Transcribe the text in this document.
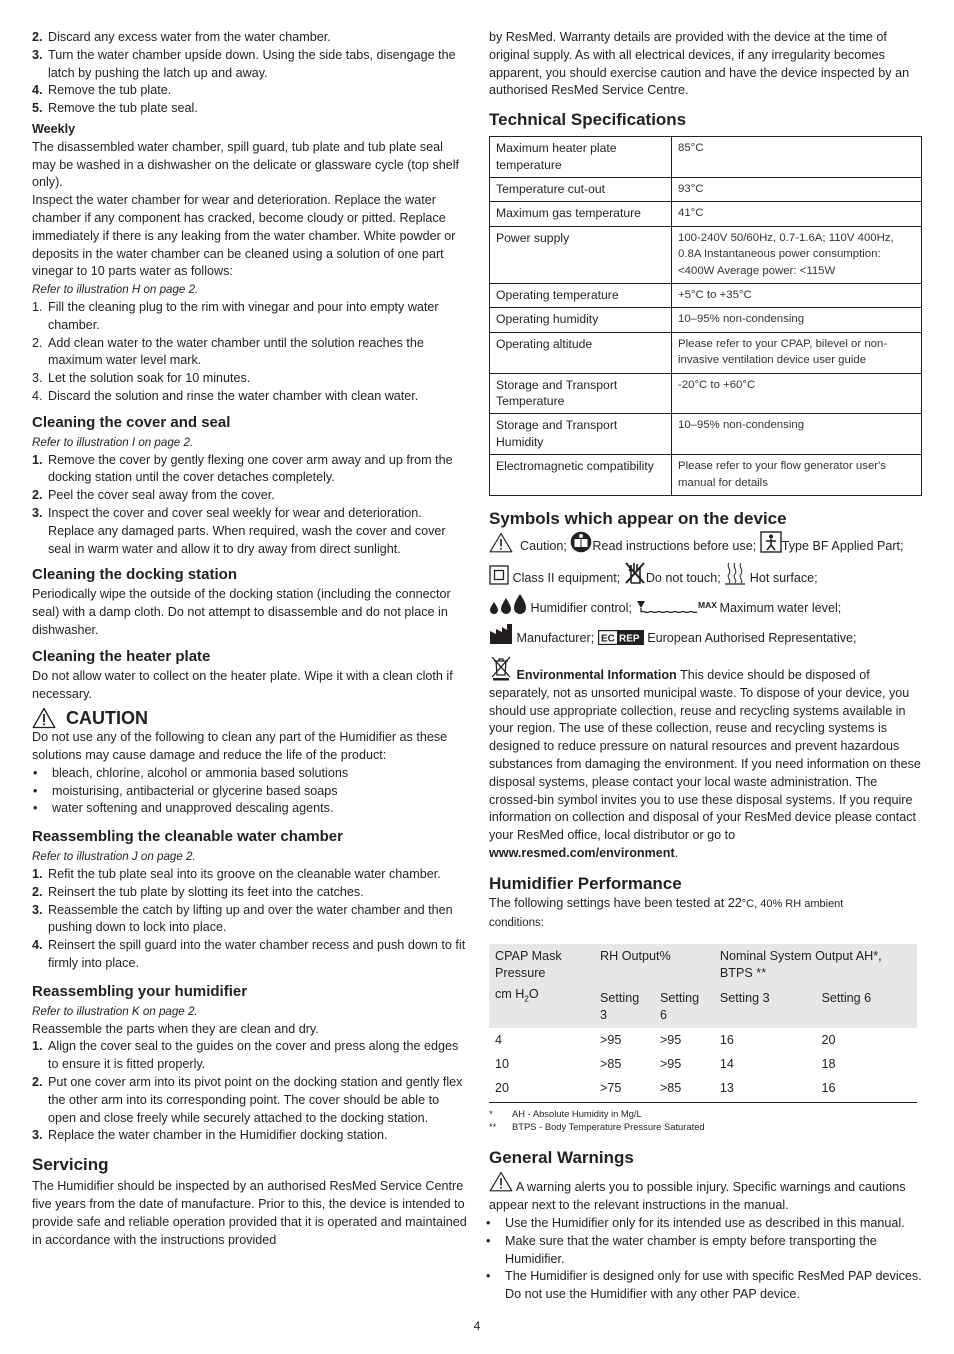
2. Discard any excess water from the water chamber.
3. Turn the water chamber upside down. Using the side tabs, disengage the latch by pushing the latch up and away.
4. Remove the tub plate.
5. Remove the tub plate seal.

Weekly

The disassembled water chamber, spill guard, tub plate and tub plate seal may be washed in a dishwasher on the delicate or glassware cycle (top shelf only).

Inspect the water chamber for wear and deterioration. Replace the water chamber if any component has cracked, become cloudy or pitted. Replace immediately if there is any leaking from the water chamber. White powder or deposits in the water chamber can be cleaned using a solution of one part vinegar to 10 parts water as follows:

Refer to illustration H on page 2.

1. Fill the cleaning plug to the rim with vinegar and pour into empty water chamber.
2. Add clean water to the water chamber until the solution reaches the maximum water level mark.
3. Let the solution soak for 10 minutes.
4. Discard the solution and rinse the water chamber with clean water.

Cleaning the cover and seal

Refer to illustration I on page 2.

1. Remove the cover by gently flexing one cover arm away and up from the docking station until the cover detaches completely.
2. Peel the cover seal away from the cover.
3. Inspect the cover and cover seal weekly for wear and deterioration. Replace any damaged parts. When required, wash the cover and cover seal in warm water and allow it to dry away from direct sunlight.

Cleaning the docking station

Periodically wipe the outside of the docking station (including the connector seal) with a damp cloth. Do not attempt to disassemble and do not place in dishwasher.

Cleaning the heater plate

Do not allow water to collect on the heater plate. Wipe it with a clean cloth if necessary.

CAUTION

Do not use any of the following to clean any part of the Humidifier as these solutions may cause damage and reduce the life of the product:

• bleach, chlorine, alcohol or ammonia based solutions
• moisturising, antibacterial or glycerine based soaps
• water softening and unapproved descaling agents.

Reassembling the cleanable water chamber

Refer to illustration J on page 2.

1. Refit the tub plate seal into its groove on the cleanable water chamber.
2. Reinsert the tub plate by slotting its feet into the catches.
3. Reassemble the catch by lifting up and over the water chamber and then pushing down to lock into place.
4. Reinsert the spill guard into the water chamber recess and push down to fit firmly into place.

Reassembling your humidifier

Refer to illustration K on page 2.

Reassemble the parts when they are clean and dry.

1. Align the cover seal to the guides on the cover and press along the edges to ensure it is fitted properly.
2. Put one cover arm into its pivot point on the docking station and gently flex the other arm into its corresponding point. The cover should be able to open and close freely while securely attached to the docking station.
3. Replace the water chamber in the Humidifier docking station.

Servicing

The Humidifier should be inspected by an authorised ResMed Service Centre five years from the date of manufacture. Prior to this, the device is intended to provide safe and reliable operation provided that it is operated and maintained in accordance with the instructions provided

by ResMed. Warranty details are provided with the device at the time of original supply. As with all electrical devices, if any irregularity becomes apparent, you should exercise caution and have the device inspected by an authorised ResMed Service Centre.

Technical Specifications

Maximum heater plate temperature	85°C
Temperature cut-out	93°C
Maximum gas temperature	41°C
Power supply	100-240V 50/60Hz, 0.7-1.6A; 110V 400Hz, 0.8A Instantaneous power consumption: <400W Average power: <115W
Operating temperature	+5°C to +35°C
Operating humidity	10–95% non-condensing
Operating altitude	Please refer to your CPAP, bilevel or non-invasive ventilation device user guide
Storage and Transport Temperature	-20°C to +60°C
Storage and Transport Humidity	10–95% non-condensing
Electromagnetic compatibility	Please refer to your flow generator user's manual for details

Symbols which appear on the device

Caution; Read instructions before use; Type BF Applied Part;

Class II equipment; Do not touch; Hot surface;

Humidifier control;	MAX Maximum water level;

Manufacturer; EC REP European Authorised Representative;

Environmental Information This device should be disposed of separately, not as unsorted municipal waste. To dispose of your device, you should use appropriate collection, reuse and recycling systems available in your region. The use of these collection, reuse and recycling systems is designed to reduce pressure on natural resources and prevent hazardous substances from damaging the environment. If you need information on these disposal systems, please contact your local waste administration. The crossed-bin symbol invites you to use these disposal systems. If you require information on collection and disposal of your ResMed device please contact your ResMed office, local distributor or go to www.resmed.com/environment.

Humidifier Performance

The following settings have been tested at 22°C, 40% RH ambient
conditions:

CPAP Mask Pressure
cm $H_2O$	RH Output%		Nominal System Output AH*, BTPS **	
	Setting 3	Setting 6	Setting 3	Setting 6
4	>95	>95	16	20
10	>85	>95	14	18
20	>75	>85	13	16
* AH - Absolute Humidity in Mg/L
** BTPS - Body Temperature Pressure Saturated

General Warnings

A warning alerts you to possible injury. Specific warnings and cautions appear next to the relevant instructions in the manual.

• Use the Humidifier only for its intended use as described in this manual.
• Make sure that the water chamber is empty before transporting the Humidifier.
• The Humidifier is designed only for use with specific ResMed PAP devices. Do not use the Humidifier with any other PAP device.
4
